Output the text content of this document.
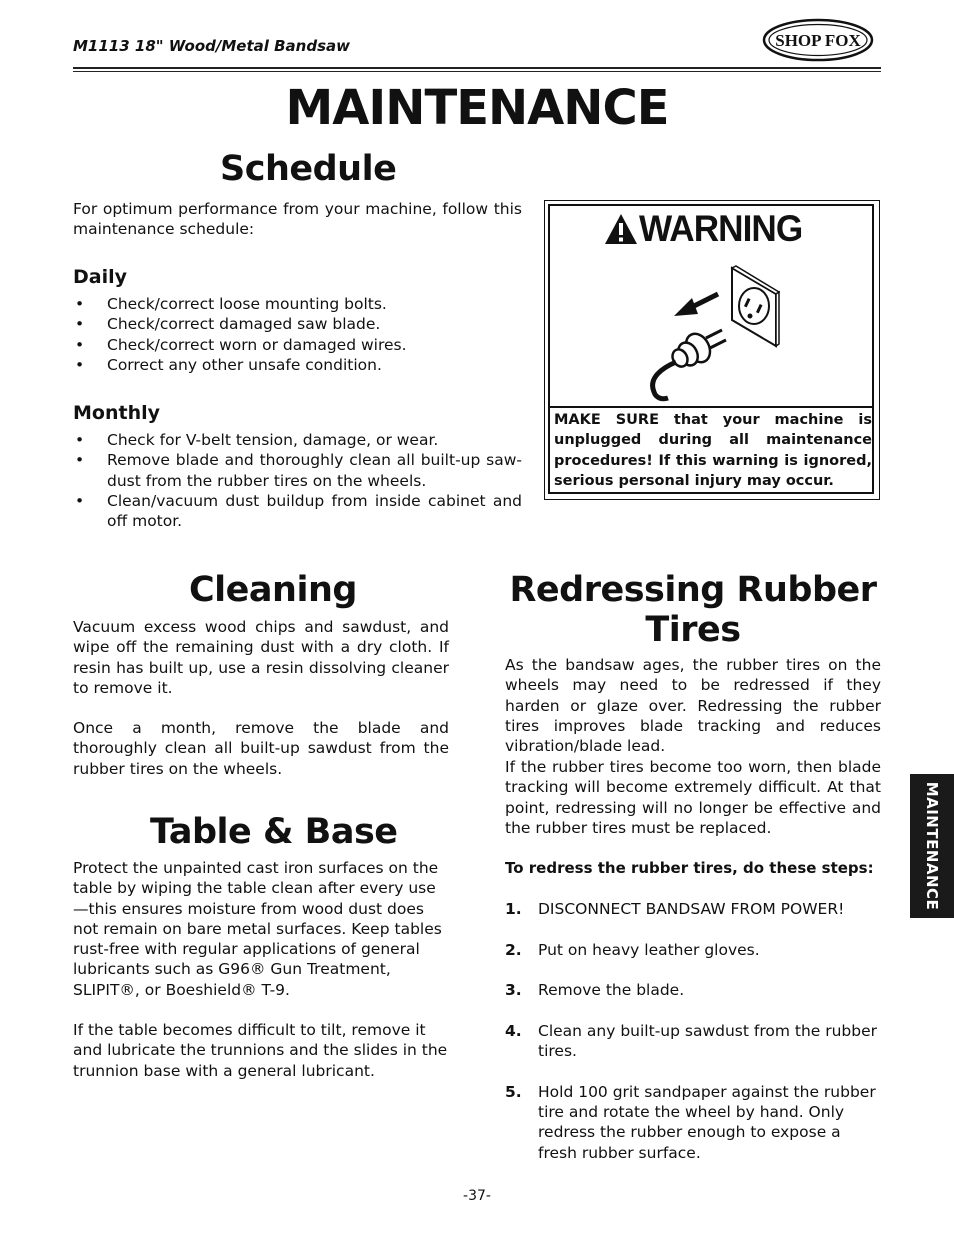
M1113 18" Wood/Metal Bandsaw	SHOP FOX
MAINTENANCE
Schedule

For optimum performance from your machine, follow this maintenance schedule:

Daily
• Check/correct loose mounting bolts.
• Check/correct damaged saw blade.
• Check/correct worn or damaged wires.
• Correct any other unsafe condition.
Monthly
• Check for V-belt tension, damage, or wear.
• Remove blade and thoroughly clean all built-up saw-dust from the rubber tires on the wheels.
• Clean/vacuum dust buildup from inside cabinet and off motor.
WARNING
MAKE SURE that your machine is unplugged during all maintenance procedures! If this warning is ignored, serious personal injury may occur.
Cleaning

Vacuum excess wood chips and sawdust, and wipe off the remaining dust with a dry cloth. If resin has built up, use a resin dissolving cleaner to remove it.

Once a month, remove the blade and thoroughly clean all built-up sawdust from the rubber tires on the wheels.

Table & Base

Protect the unpainted cast iron surfaces on the table by wiping the table clean after every use—this ensures moisture from wood dust does not remain on bare metal surfaces. Keep tables rust-free with regular applications of general lubricants such as G96® Gun Treatment, SLIPIT®, or Boeshield® T-9.

If the table becomes difficult to tilt, remove it and lubricate the trunnions and the slides in the trunnion base with a general lubricant.

Redressing Rubber
Tires

As the bandsaw ages, the rubber tires on the wheels may need to be redressed if they harden or glaze over. Redressing the rubber tires improves blade tracking and reduces vibration/blade lead.

If the rubber tires become too worn, then blade tracking will become extremely difficult. At that point, redressing will no longer be effective and the rubber tires must be replaced.

To redress the rubber tires, do these steps:

1. DISCONNECT BANDSAW FROM POWER!
2. Put on heavy leather gloves.
3. Remove the blade.
4. Clean any built-up sawdust from the rubber tires.
5. Hold 100 grit sandpaper against the rubber tire and rotate the wheel by hand. Only redress the rubber enough to expose a fresh rubber surface.
MAINTENANCE
-37-
